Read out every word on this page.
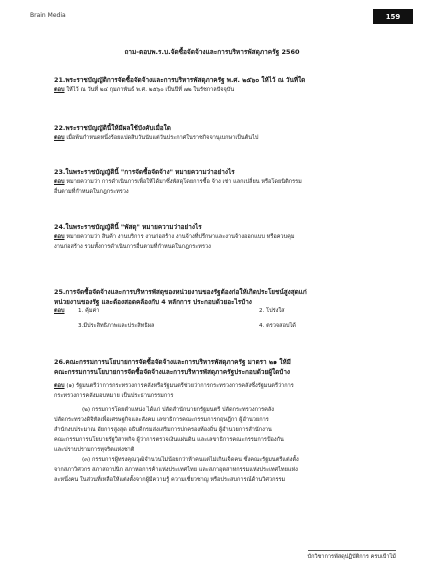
Brain Media	159
ถาม-ตอบพ.ร.บ.จัดซื้อจัดจ้างและการบริหารพัสดุภาครัฐ 2560
21.พระราชบัญญัติการจัดซื้อจัดจ้างและการบริหารพัสดุภาครัฐ พ.ศ. ๒๕๖๐ ให้ไว้ ณ วันที่ใด
ตอบ ให้ไว้ ณ วันที่ ๒๔ กุมภาพันธ์ พ.ศ. ๒๕๖๐ เป็นปีที่ ๗๒ ในรัชกาลปัจจุบัน
22.พระราชบัญญัตินี้ให้มีผลใช้บังคับเมื่อใด
ตอบ เมื่อพ้นกำหนดหนึ่งร้อยแปดสิบวันนับแต่วันประกาศในราชกิจจานุเบกษาเป็นต้นไป
23.ในพระราชบัญญัตินี้ "การจัดซื้อจัดจ้าง" หมายความว่าอย่างไร
ตอบ หมายความว่า การดำเนินการเพื่อให้ได้มาซึ่งพัสดุโดยการซื้อ จ้าง เช่า แลกเปลี่ยน หรือโดยนิติกรรม
อื่นตามที่กำหนดในกฎกระทรวง
24.ในพระราชบัญญัตินี้ "พัสดุ" หมายความว่าอย่างไร
ตอบ หมายความว่า สินค้า งานบริการ งานก่อสร้าง งานจ้างที่ปรึกษาและงานจ้างออกแบบ หรือควบคุม
งานก่อสร้าง รวมทั้งการดำเนินการอื่นตามที่กำหนดในกฎกระทรวง
25.การจัดซื้อจัดจ้างและการบริหารพัสดุของหน่วยงานของรัฐต้องก่อให้เกิดประโยชน์สูงสุดแก่
หน่วยงานของรัฐ และต้องสอดคล้องกับ 4 หลักการ ประกอบด้วยอะไรบ้าง
ตอบ 1. คุ้มค่า	2. โปร่งใส
3.มีประสิทธิภาพและประสิทธิผล	4. ตรวจสอบได้
26.คณะกรรมการนโยบายการจัดซื้อจัดจ้างและการบริหารพัสดุภาครัฐ มาตรา ๒๑ ให้มี
คณะกรรมการนโยบายการจัดซื้อจัดจ้างและการบริหารพัสดุภาครัฐประกอบด้วยผู้ใดบ้าง
ตอบ (๑) รัฐมนตรีว่าการกระทรวงการคลังหรือรัฐมนตรีช่วยว่าการกระทรวงการคลังซึ่งรัฐมนตรีว่าการ
กระทรวงการคลังมอบหมาย เป็นประธานกรรมการ
(๒) กรรมการโดยตำแหน่ง ได้แก่ ปลัดสำนักนายกรัฐมนตรี ปลัดกระทรวงการคลัง
ปลัดกระทรวงดิจิทัลเพื่อเศรษฐกิจและสังคม เลขาธิการคณะกรรมการกฤษฎีกา ผู้อำนวยการ
สำนักงบประมาณ อัยการสูงสุด อธิบดีกรมส่งเสริมการปกครองท้องถิ่น ผู้อำนวยการสำนักงาน
คณะกรรมการนโยบายรัฐวิสาหกิจ ผู้ว่าการตรวจเงินแผ่นดิน และเลขาธิการคณะกรรมการป้องกัน
และปราบปรามการทุจริตแห่งชาติ
(๓) กรรมการผู้ทรงคุณวุฒิจำนวนไม่น้อยกว่าห้าคนแต่ไม่เกินเจ็ดคน ซึ่งคณะรัฐมนตรีแต่งตั้ง
จากสภาวิศวกร สภาสถาปนิก สภาหอการค้าแห่งประเทศไทย และสภาอุตสาหกรรมแห่งประเทศไทยแห่ง
ละหนึ่งคน ในส่วนที่เหลือให้แต่งตั้งจากผู้มีความรู้ ความเชี่ยวชาญ หรือประสบการณ์ด้านวิศวกรรม
บักวิชาการพัสดุปฏิบัติการ ครบเป้าไม้
